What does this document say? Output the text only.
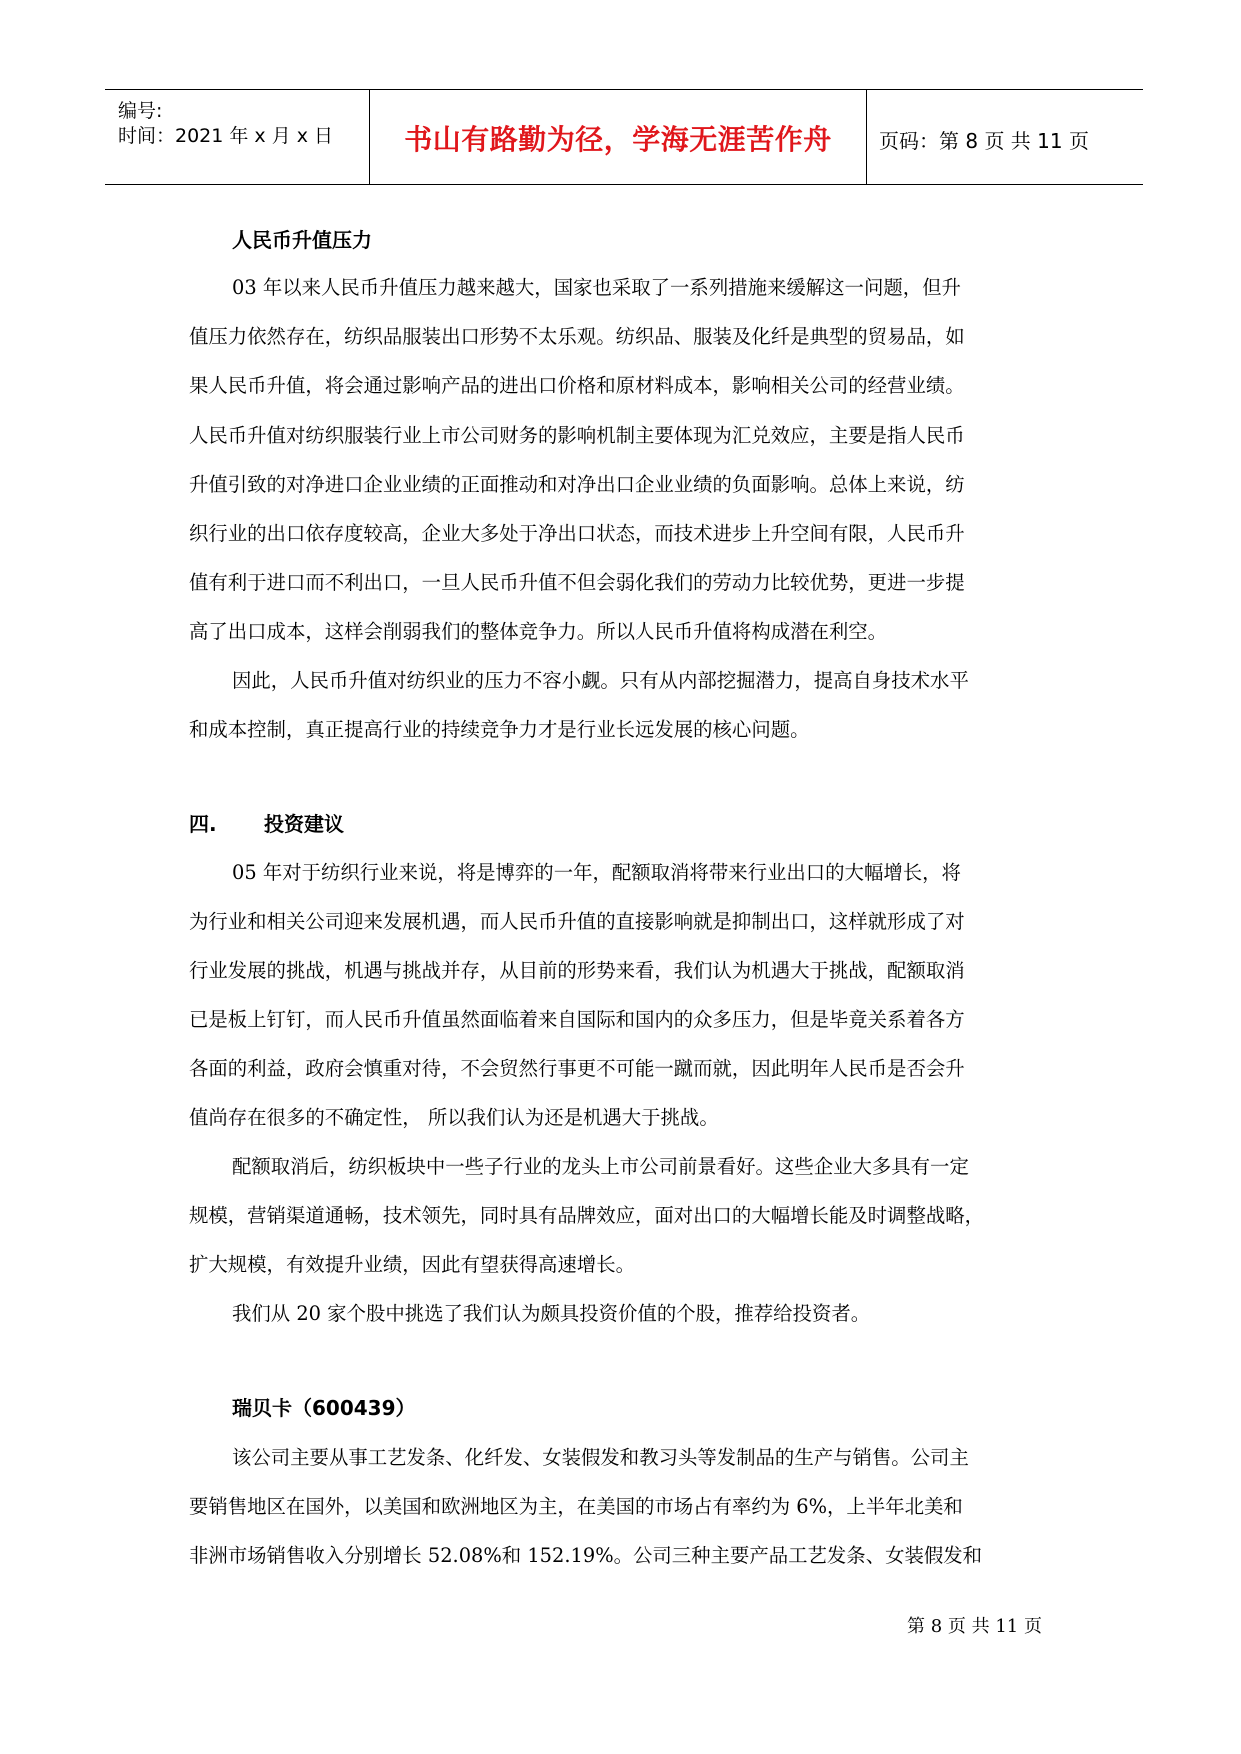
编号:
时间：2021 年 x 月 x 日	书山有路勤为径，学海无涯苦作舟	页码：第 8 页 共 11 页
人民币升值压力
03 年以来人民币升值压力越来越大，国家也采取了一系列措施来缓解这一问题，但升
值压力依然存在，纺织品服装出口形势不太乐观。纺织品、服装及化纤是典型的贸易品，如
果人民币升值，将会通过影响产品的进出口价格和原材料成本，影响相关公司的经营业绩。
人民币升值对纺织服装行业上市公司财务的影响机制主要体现为汇兑效应，主要是指人民币
升值引致的对净进口企业业绩的正面推动和对净出口企业业绩的负面影响。总体上来说，纺
织行业的出口依存度较高，企业大多处于净出口状态，而技术进步上升空间有限，人民币升
值有利于进口而不利出口，一旦人民币升值不但会弱化我们的劳动力比较优势，更进一步提
高了出口成本，这样会削弱我们的整体竞争力。所以人民币升值将构成潜在利空。
因此，人民币升值对纺织业的压力不容小觑。只有从内部挖掘潜力，提高自身技术水平
和成本控制，真正提高行业的持续竞争力才是行业长远发展的核心问题。
四. 投资建议
05 年对于纺织行业来说，将是博弈的一年，配额取消将带来行业出口的大幅增长，将
为行业和相关公司迎来发展机遇，而人民币升值的直接影响就是抑制出口，这样就形成了对
行业发展的挑战，机遇与挑战并存，从目前的形势来看，我们认为机遇大于挑战，配额取消
已是板上钉钉，而人民币升值虽然面临着来自国际和国内的众多压力，但是毕竟关系着各方
各面的利益，政府会慎重对待，不会贸然行事更不可能一蹴而就，因此明年人民币是否会升
值尚存在很多的不确定性， 所以我们认为还是机遇大于挑战。
配额取消后，纺织板块中一些子行业的龙头上市公司前景看好。这些企业大多具有一定
规模，营销渠道通畅，技术领先，同时具有品牌效应，面对出口的大幅增长能及时调整战略，
扩大规模，有效提升业绩，因此有望获得高速增长。
我们从 20 家个股中挑选了我们认为颇具投资价值的个股，推荐给投资者。
瑞贝卡（600439）
该公司主要从事工艺发条、化纤发、女装假发和教习头等发制品的生产与销售。公司主
要销售地区在国外，以美国和欧洲地区为主，在美国的市场占有率约为 6%，上半年北美和
非洲市场销售收入分别增长 52.08%和 152.19%。公司三种主要产品工艺发条、女装假发和
第 8 页 共 11 页
